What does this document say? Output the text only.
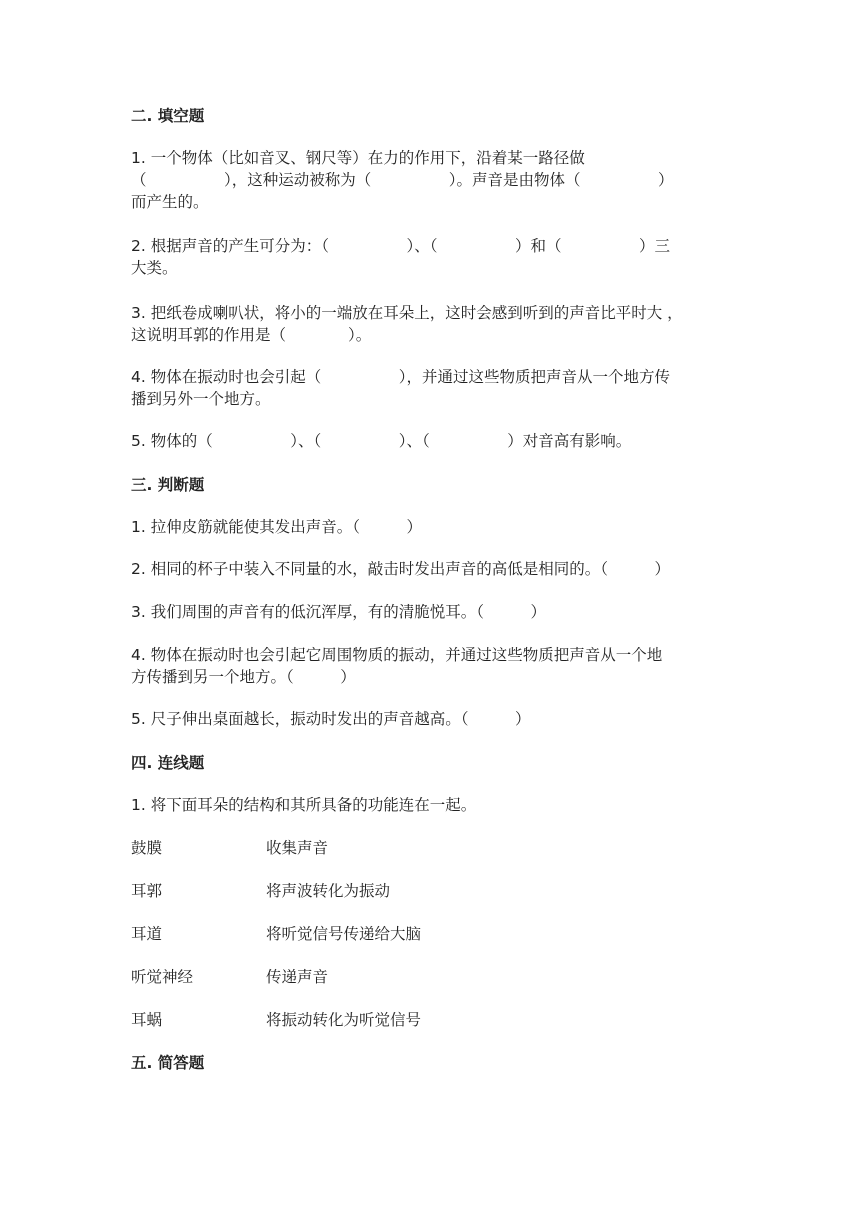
二. 填空题
1. 一个物体（比如音叉、钢尺等）在力的作用下，沿着某一路径做
（　　　　　），这种运动被称为（　　　　　）。声音是由物体（　　　　　）
而产生的。
2. 根据声音的产生可分为：（　　　　　）、（　　　　　）和（　　　　　）三
大类。
3. 把纸卷成喇叭状，将小的一端放在耳朵上，这时会感到听到的声音比平时大 ，
这说明耳郭的作用是（　　　　）。
4. 物体在振动时也会引起（　　　　　），并通过这些物质把声音从一个地方传
播到另外一个地方。
5. 物体的（　　　　　）、（　　　　　）、（　　　　　）对音高有影响。
三. 判断题
1. 拉伸皮筋就能使其发出声音。（　　　）
2. 相同的杯子中装入不同量的水，敲击时发出声音的高低是相同的。（　　　）
3. 我们周围的声音有的低沉浑厚，有的清脆悦耳。（　　　）
4. 物体在振动时也会引起它周围物质的振动，并通过这些物质把声音从一个地
方传播到另一个地方。（　　　）
5. 尺子伸出桌面越长，振动时发出的声音越高。（　　　）
四. 连线题
1. 将下面耳朵的结构和其所具备的功能连在一起。
鼓膜	收集声音
耳郭	将声波转化为振动
耳道	将听觉信号传递给大脑
听觉神经	传递声音
耳蜗	将振动转化为听觉信号
五. 简答题
